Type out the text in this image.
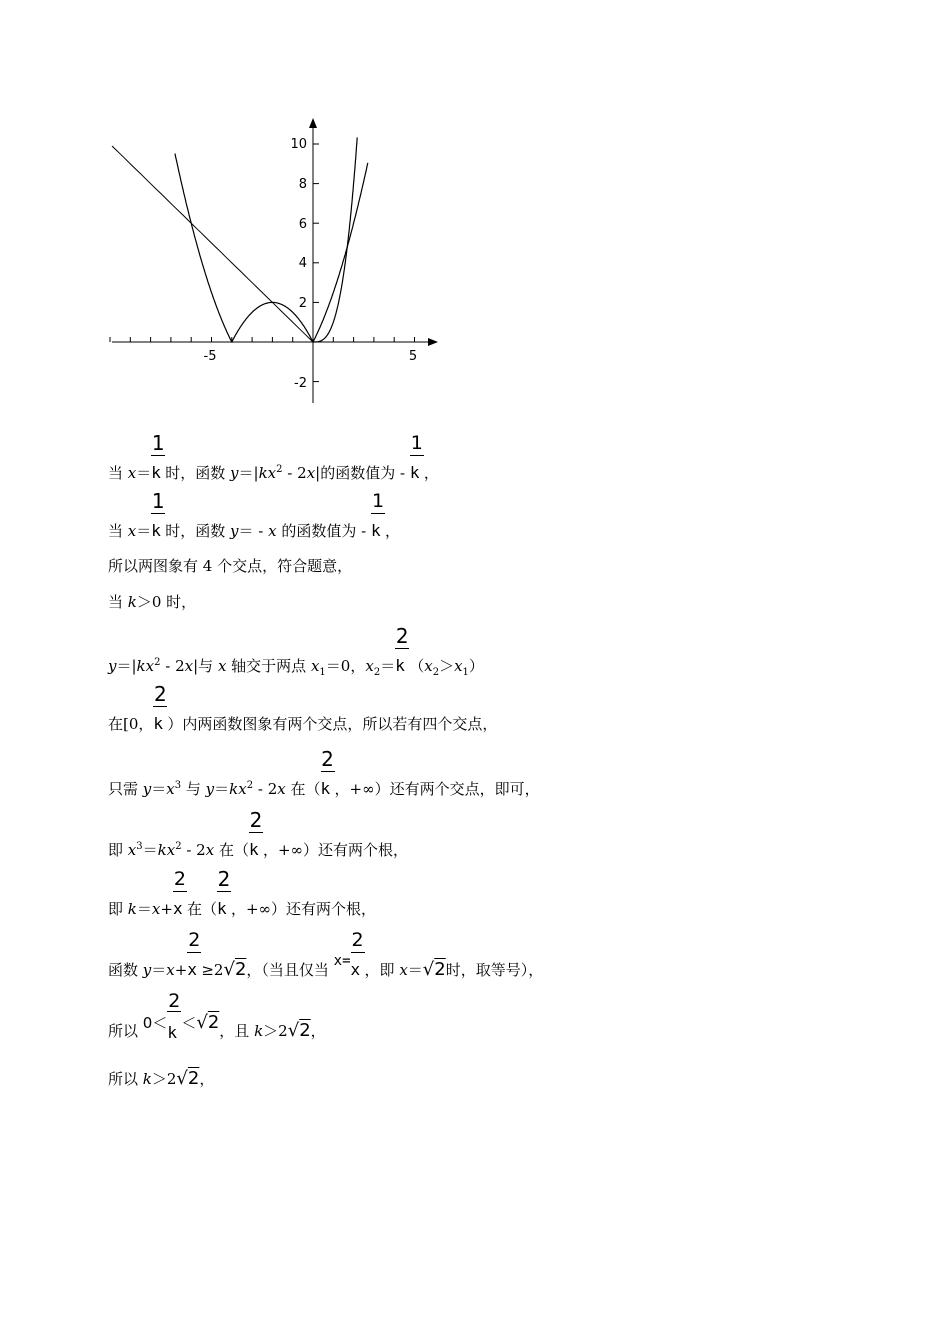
-5	5
10
8
6
4
2
-2
当 $x= \frac{1}{k}$时，函数 $y=|kx^2 - 2x|$的函数值为 - $\frac{1}{k}$，
当 $x= \frac{1}{k}$时，函数 y＝ - x 的函数值为 - $\frac{1}{k}$，
所以两图象有 4 个交点，符合题意，
当 k＞0 时，
$y=|kx^2 - 2x|$与 x 轴交于两点 $x_1=0$，$x_2= \frac{2}{k}(x_2>x_1)$
在[0， $\frac{2}{k}$）内两函数图象有两个交点，所以若有四个交点，
只需 $y=x^3$ 与 $y=kx^2 - 2x$ 在（ $\frac{2}{k}$，+∞）还有两个交点，即可，
即 $x^3=kx^2 - 2x$ 在（ $\frac{2}{k}$，+∞）还有两个根，
即 $k=x+ \frac{2}{x}$在（ $\frac{2}{k}$，+∞）还有两个根，
函数 $y=x+ \frac{2}{x}\ge 2√2$，（当且仅当 $x= \frac{2}{x}$，即 x＝√2时，取等号），
所以 $0< \frac{2}{k}<√2$，且 k＞2√2，
所以 k＞2√2，
